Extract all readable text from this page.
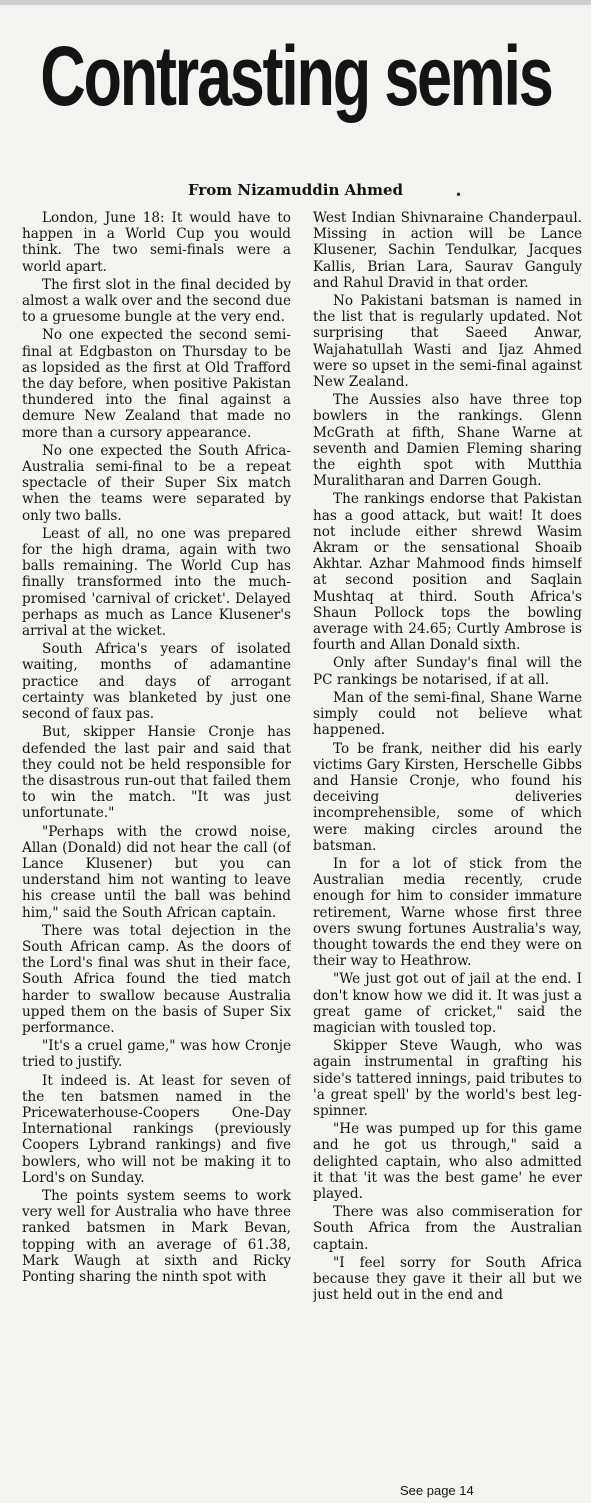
Contrasting semis
From Nizamuddin Ahmed	•

London, June 18: It would have to happen in a World Cup you would think. The two semi-finals were a world apart.

The first slot in the final decided by almost a walk over and the second due to a gruesome bungle at the very end.

No one expected the second semi-final at Edgbaston on Thursday to be as lopsided as the first at Old Trafford the day before, when positive Pakistan thundered into the final against a demure New Zealand that made no more than a cursory appearance.

No one expected the South Africa-Australia semi-final to be a repeat spectacle of their Super Six match when the teams were separated by only two balls.

Least of all, no one was prepared for the high drama, again with two balls remaining. The World Cup has finally transformed into the much-promised 'carnival of cricket'. Delayed perhaps as much as Lance Klusener's arrival at the wicket.

South Africa's years of isolated waiting, months of adamantine practice and days of arrogant certainty was blanketed by just one second of faux pas.

But, skipper Hansie Cronje has defended the last pair and said that they could not be held responsible for the disastrous run-out that failed them to win the match. "It was just unfortunate."

"Perhaps with the crowd noise, Allan (Donald) did not hear the call (of Lance Klusener) but you can understand him not wanting to leave his crease until the ball was behind him," said the South African captain.

There was total dejection in the South African camp. As the doors of the Lord's final was shut in their face, South Africa found the tied match harder to swallow because Australia upped them on the basis of Super Six performance.

"It's a cruel game," was how Cronje tried to justify.

It indeed is. At least for seven of the ten batsmen named in the Pricewaterhouse-Coopers One-Day International rankings (previously Coopers Lybrand rankings) and five bowlers, who will not be making it to Lord's on Sunday.

The points system seems to work very well for Australia who have three ranked batsmen in Mark Bevan, topping with an average of 61.38, Mark Waugh at sixth and Ricky Ponting sharing the ninth spot with

West Indian Shivnaraine Chanderpaul. Missing in action will be Lance Klusener, Sachin Tendulkar, Jacques Kallis, Brian Lara, Saurav Ganguly and Rahul Dravid in that order.

No Pakistani batsman is named in the list that is regularly updated. Not surprising that Saeed Anwar, Wajahatullah Wasti and Ijaz Ahmed were so upset in the semi-final against New Zealand.

The Aussies also have three top bowlers in the rankings. Glenn McGrath at fifth, Shane Warne at seventh and Damien Fleming sharing the eighth spot with Mutthia Muralitharan and Darren Gough.

The rankings endorse that Pakistan has a good attack, but wait! It does not include either shrewd Wasim Akram or the sensational Shoaib Akhtar. Azhar Mahmood finds himself at second position and Saqlain Mushtaq at third. South Africa's Shaun Pollock tops the bowling average with 24.65; Curtly Ambrose is fourth and Allan Donald sixth.

Only after Sunday's final will the PC rankings be notarised, if at all.

Man of the semi-final, Shane Warne simply could not believe what happened.

To be frank, neither did his early victims Gary Kirsten, Herschelle Gibbs and Hansie Cronje, who found his deceiving deliveries incomprehensible, some of which were making circles around the batsman.

In for a lot of stick from the Australian media recently, crude enough for him to consider immature retirement, Warne whose first three overs swung fortunes Australia's way, thought towards the end they were on their way to Heathrow.

"We just got out of jail at the end. I don't know how we did it. It was just a great game of cricket," said the magician with tousled top.

Skipper Steve Waugh, who was again instrumental in grafting his side's tattered innings, paid tributes to 'a great spell' by the world's best leg-spinner.

"He was pumped up for this game and he got us through," said a delighted captain, who also admitted it that 'it was the best game' he ever played.

There was also commiseration for South Africa from the Australian captain.

"I feel sorry for South Africa because they gave it their all but we just held out in the end and

See page 14
